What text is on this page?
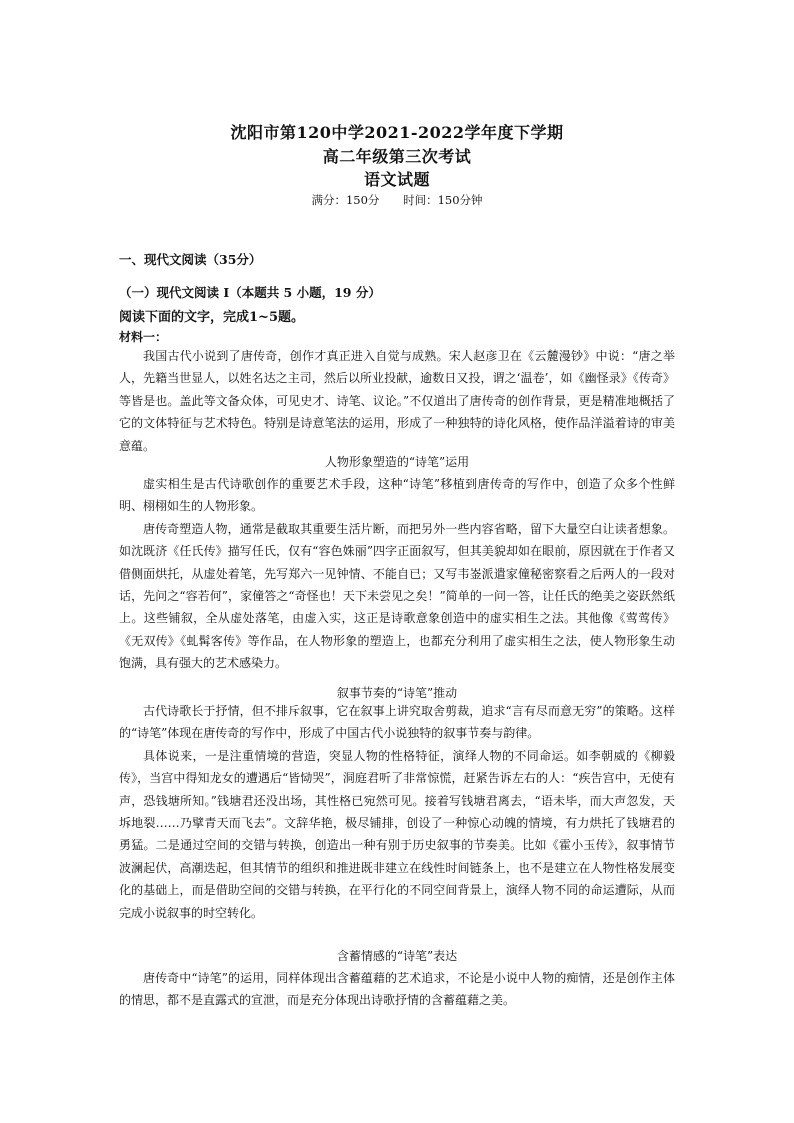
沈阳市第120中学2021-2022学年度下学期
高二年级第三次考试
语文试题
满分：150分 时间：150分钟
一、现代文阅读（35分）
（一）现代文阅读 I（本题共 5 小题，19 分）
阅读下面的文字，完成1~5题。
材料一：

我国古代小说到了唐传奇，创作才真正进入自觉与成熟。宋人赵彦卫在《云麓漫钞》中说：“唐之举人，先籍当世显人，以姓名达之主司，然后以所业投献，逾数日又投，谓之‘温卷’，如《幽怪录》《传奇》等皆是也。盖此等文备众体，可见史才、诗笔、议论。”不仅道出了唐传奇的创作背景，更是精准地概括了它的文体特征与艺术特色。特别是诗意笔法的运用，形成了一种独特的诗化风格，使作品洋溢着诗的审美意蕴。

人物形象塑造的“诗笔”运用

虚实相生是古代诗歌创作的重要艺术手段，这种“诗笔”移植到唐传奇的写作中，创造了众多个性鲜明、栩栩如生的人物形象。

唐传奇塑造人物，通常是截取其重要生活片断，而把另外一些内容省略，留下大量空白让读者想象。如沈既济《任氏传》描写任氏，仅有“容色姝丽”四字正面叙写，但其美貌却如在眼前，原因就在于作者又借侧面烘托，从虚处着笔，先写郑六一见钟情、不能自已；又写韦崟派遣家僮秘密察看之后两人的一段对话，先问之“容若何”，家僮答之“奇怪也！天下未尝见之矣！”简单的一问一答，让任氏的绝美之姿跃然纸上。这些铺叙，全从虚处落笔，由虚入实，这正是诗歌意象创造中的虚实相生之法。其他像《莺莺传》《无双传》《虬髯客传》等作品，在人物形象的塑造上，也都充分利用了虚实相生之法，使人物形象生动饱满，具有强大的艺术感染力。

叙事节奏的“诗笔”推动

古代诗歌长于抒情，但不排斥叙事，它在叙事上讲究取舍剪裁，追求“言有尽而意无穷”的策略。这样的“诗笔”体现在唐传奇的写作中，形成了中国古代小说独特的叙事节奏与韵律。

具体说来，一是注重情境的营造，突显人物的性格特征，演绎人物的不同命运。如李朝威的《柳毅传》，当宫中得知龙女的遭遇后“皆恸哭”，洞庭君听了非常惊慌，赶紧告诉左右的人：“疾告宫中，无使有声，恐钱塘所知。”钱塘君还没出场，其性格已宛然可见。接着写钱塘君离去，“语未毕，而大声忽发，天坼地裂……乃擘青天而飞去”。文辞华艳，极尽铺排，创设了一种惊心动魄的情境，有力烘托了钱塘君的勇猛。二是通过空间的交错与转换，创造出一种有别于历史叙事的节奏美。比如《霍小玉传》，叙事情节波澜起伏，高潮迭起，但其情节的组织和推进既非建立在线性时间链条上，也不是建立在人物性格发展变化的基础上，而是借助空间的交错与转换，在平行化的不同空间背景上，演绎人物不同的命运遭际，从而完成小说叙事的时空转化。

含蓄情感的“诗笔”表达

唐传奇中“诗笔”的运用，同样体现出含蓄蕴藉的艺术追求，不论是小说中人物的痴情，还是创作主体的情思，都不是直露式的宣泄，而是充分体现出诗歌抒情的含蓄蕴藉之美。
